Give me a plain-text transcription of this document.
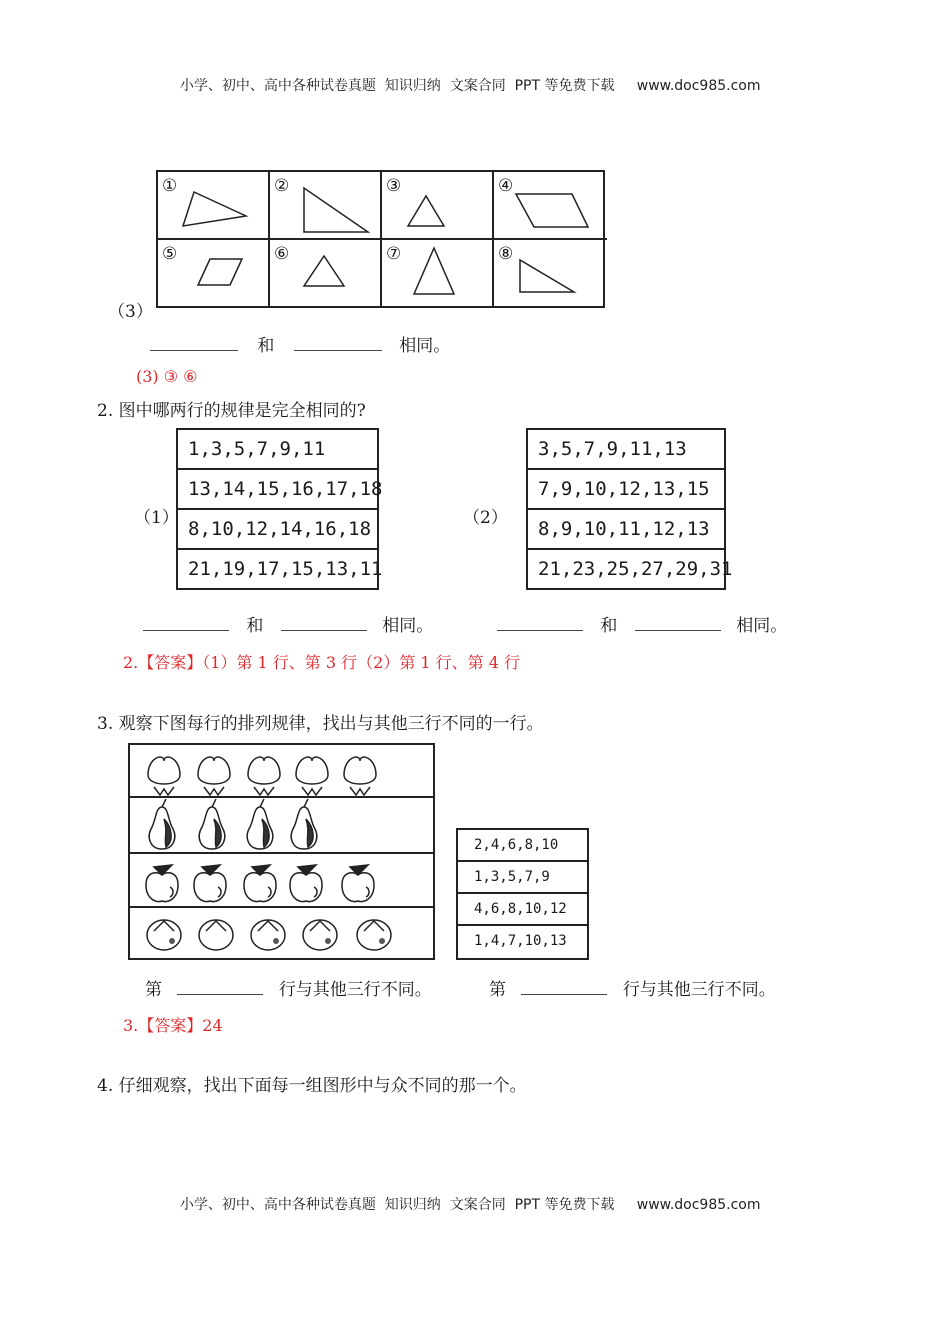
小学、初中、高中各种试卷真题  知识归纳  文案合同  PPT 等免费下载 www.doc985.com

①	②	③	④
⑤	⑥	⑦	⑧
（3）
和	相同。
(3) ③ ⑥
2. 图中哪两行的规律是完全相同的?
（1）
1,3,5,7,9,11
13,14,15,16,17,18
8,10,12,14,16,18
21,19,17,15,13,11
（2）
3,5,7,9,11,13
7,9,10,12,13,15
8,9,10,11,12,13
21,23,25,27,29,31
和	相同。	和	相同。
2.【答案】（1）第 1 行、第 3 行（2）第 1 行、第 4 行
3. 观察下图每行的排列规律，找出与其他三行不同的一行。
2,4,6,8,10
1,3,5,7,9
4,6,8,10,12
1,4,7,10,13
第	行与其他三行不同。	第	行与其他三行不同。
3.【答案】24
4. 仔细观察，找出下面每一组图形中与众不同的那一个。

小学、初中、高中各种试卷真题  知识归纳  文案合同  PPT 等免费下载 www.doc985.com
